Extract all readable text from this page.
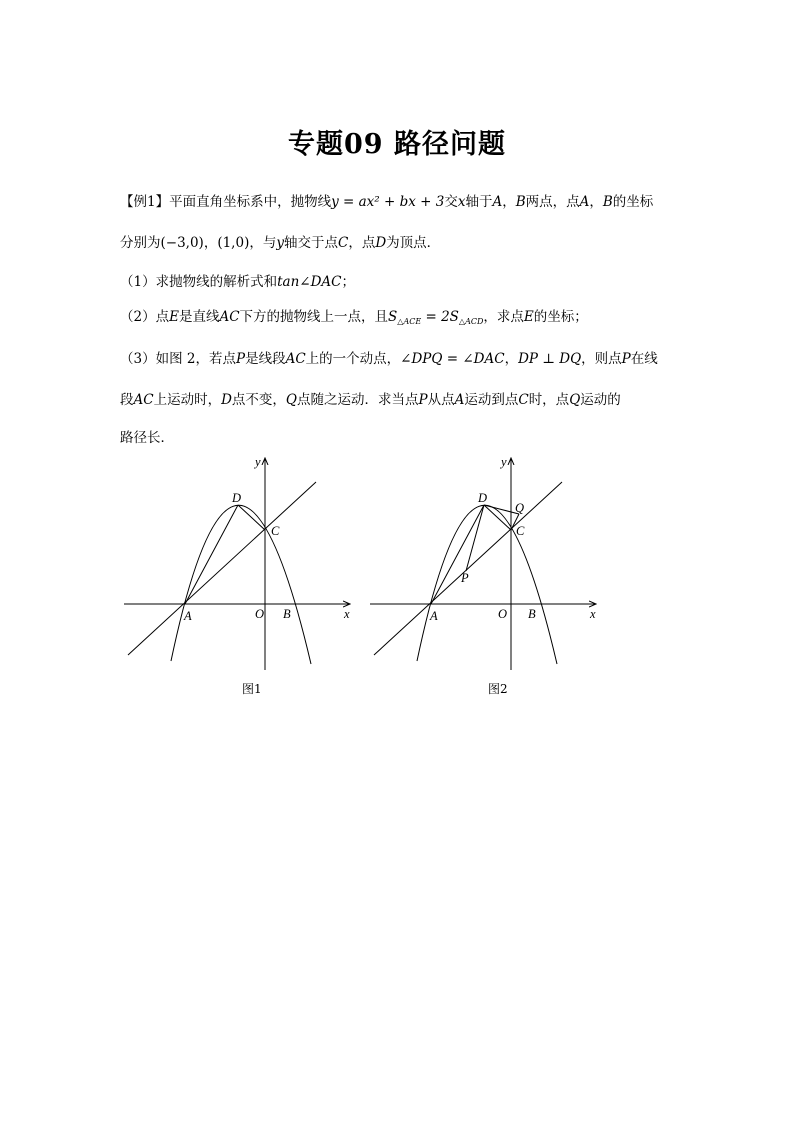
专题09 路径问题
【例1】平面直角坐标系中，抛物线y = ax² + bx + 3交x轴于A，B两点，点A，B的坐标
分别为(−3,0)，(1,0)，与y轴交于点C，点D为顶点．
（1）求抛物线的解析式和tan∠DAC；
（2）点E是直线AC下方的抛物线上一点，且$S_{\triangle ACE} = 2S_{\triangle ACD}$，求点E的坐标；
（3）如图 2，若点P是线段AC上的一个动点，∠DPQ = ∠DAC，DP ⊥ DQ，则点P在线
段AC上运动时，D点不变，Q点随之运动．求当点P从点A运动到点C时，点Q运动的
路径长．
y
x
D
C
A	O B
图1
y
x
D
Q
C
P
A	O B
图2
